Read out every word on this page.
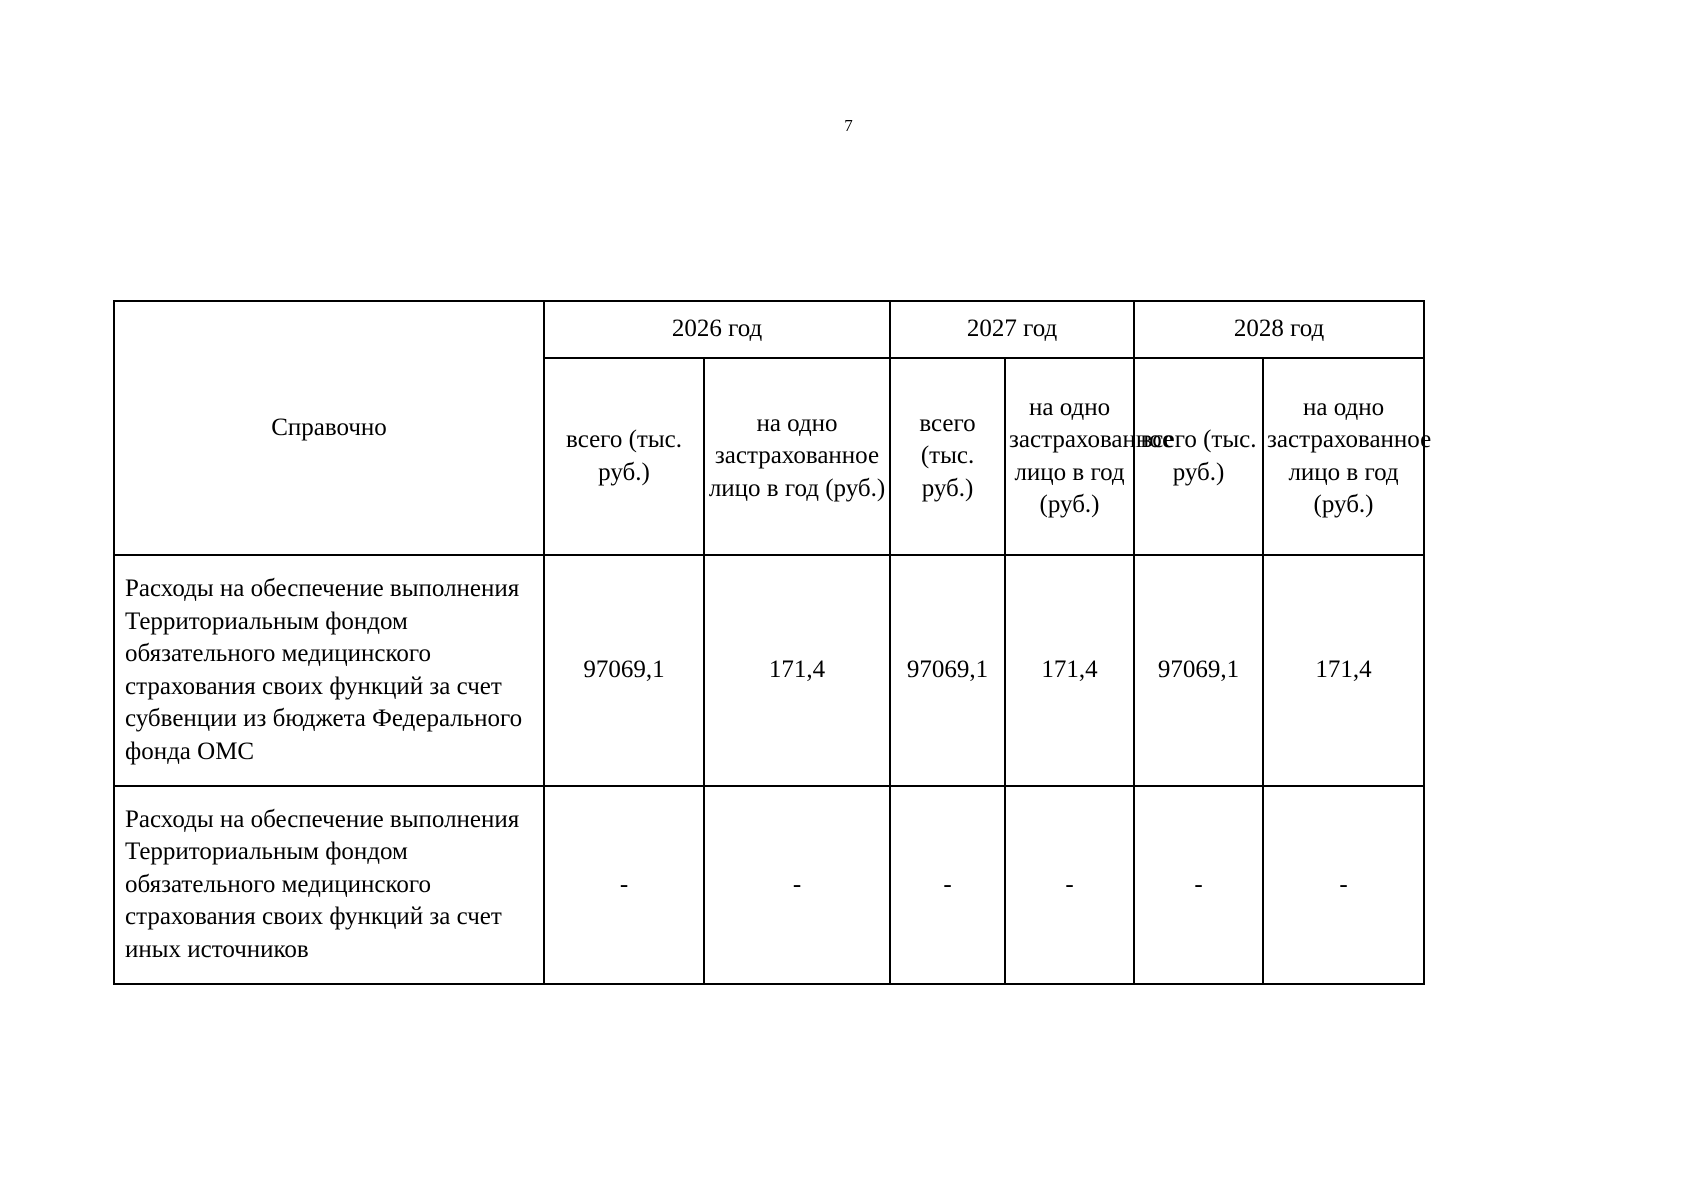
7
Справочно	2026 год		2027 год		2028 год	
	всего (тыс. руб.)	на одно застрахованное лицо в год (руб.)	всего (тыс. руб.)	на одно застрахованное лицо в год (руб.)	всего (тыс. руб.)	на одно застрахованное лицо в год (руб.)
Расходы на обеспечение выполнения Территориальным фондом обязательного медицинского страхования своих функций за счет субвенции из бюджета Федерального фонда ОМС	97069,1	171,4	97069,1	171,4	97069,1	171,4
Расходы на обеспечение выполнения Территориальным фондом обязательного медицинского страхования своих функций за счет иных источников	-	-	-	-	-	-
